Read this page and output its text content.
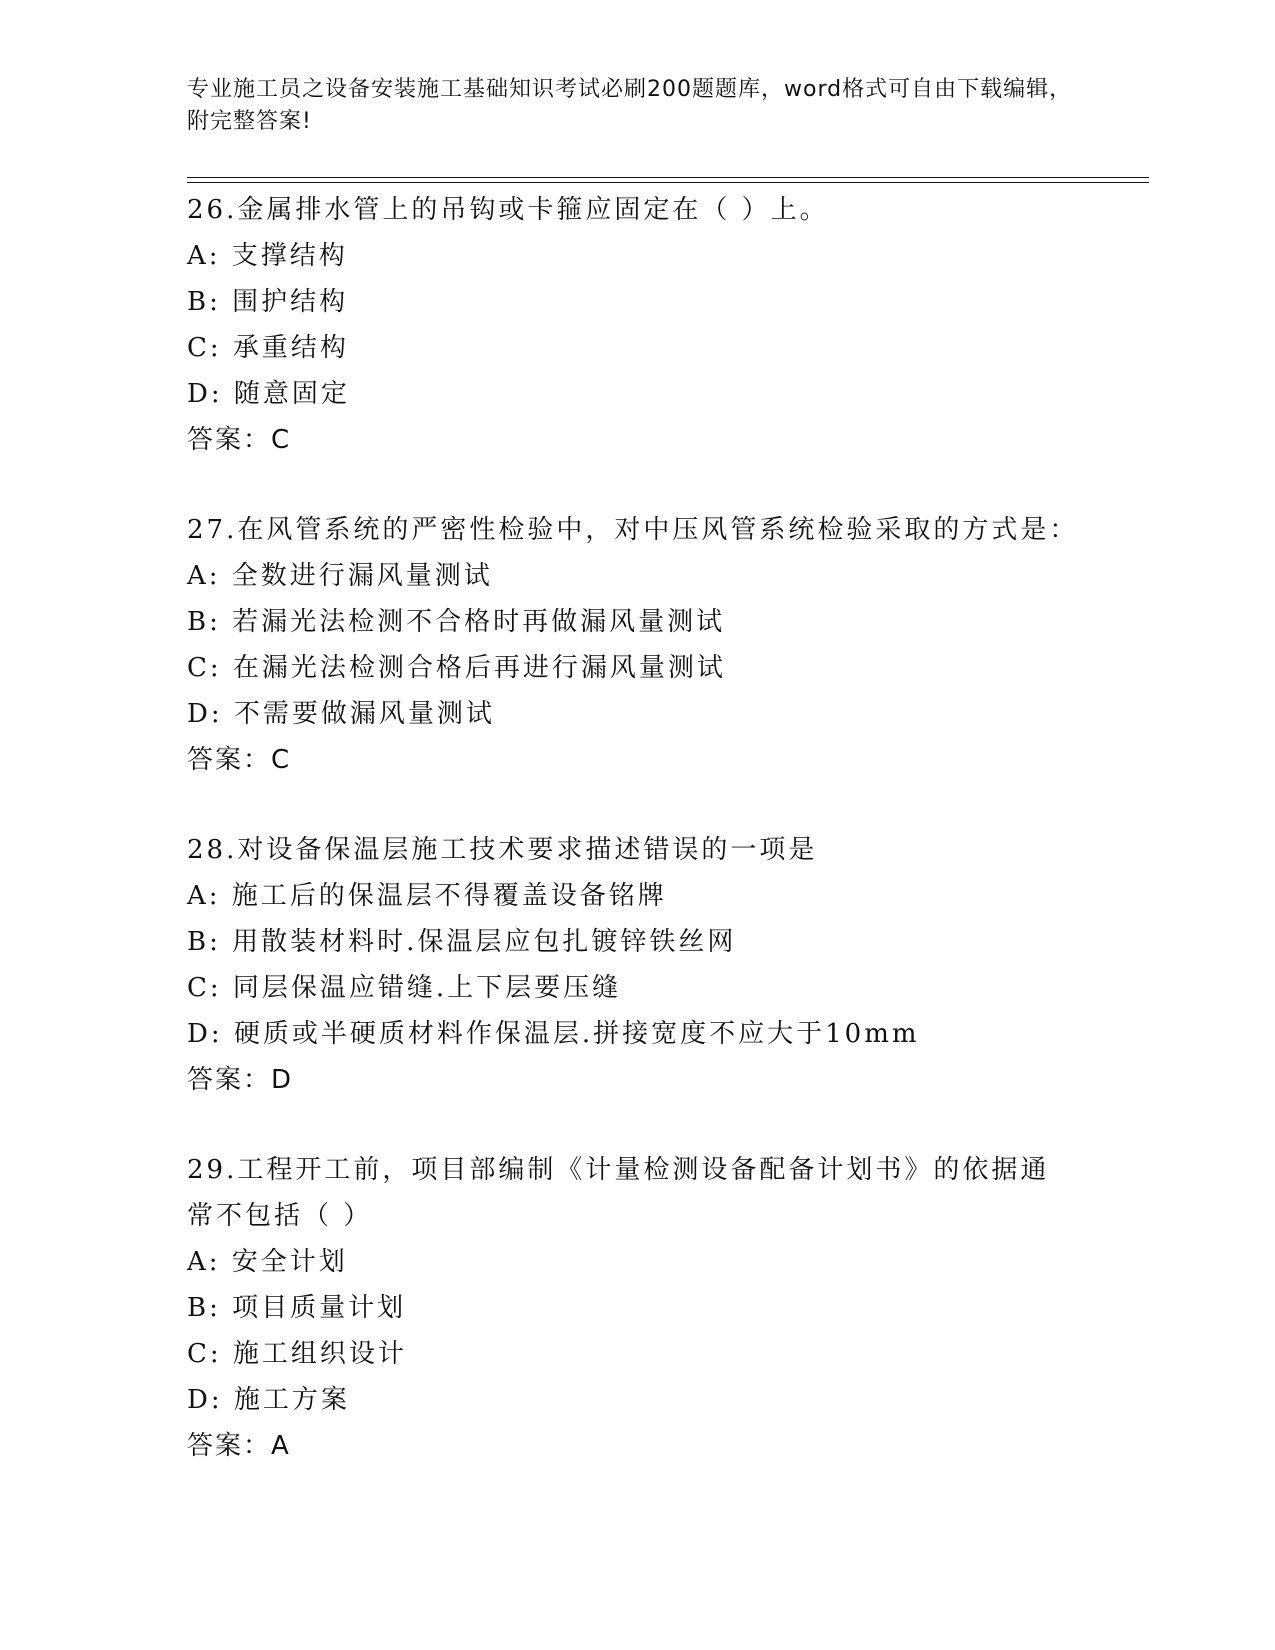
专业施工员之设备安装施工基础知识考试必刷200题题库，word格式可自由下载编辑，附完整答案!
26.金属排水管上的吊钩或卡箍应固定在（ ）上。
A: 支撑结构
B: 围护结构
C: 承重结构
D: 随意固定
答案：C
27.在风管系统的严密性检验中，对中压风管系统检验采取的方式是：
A: 全数进行漏风量测试
B: 若漏光法检测不合格时再做漏风量测试
C: 在漏光法检测合格后再进行漏风量测试
D: 不需要做漏风量测试
答案：C
28.对设备保温层施工技术要求描述错误的一项是
A: 施工后的保温层不得覆盖设备铭牌
B: 用散装材料时.保温层应包扎镀锌铁丝网
C: 同层保温应错缝.上下层要压缝
D: 硬质或半硬质材料作保温层.拼接宽度不应大于10mm
答案：D
29.工程开工前，项目部编制《计量检测设备配备计划书》的依据通常不包括（ ）
A: 安全计划
B: 项目质量计划
C: 施工组织设计
D: 施工方案
答案：A
